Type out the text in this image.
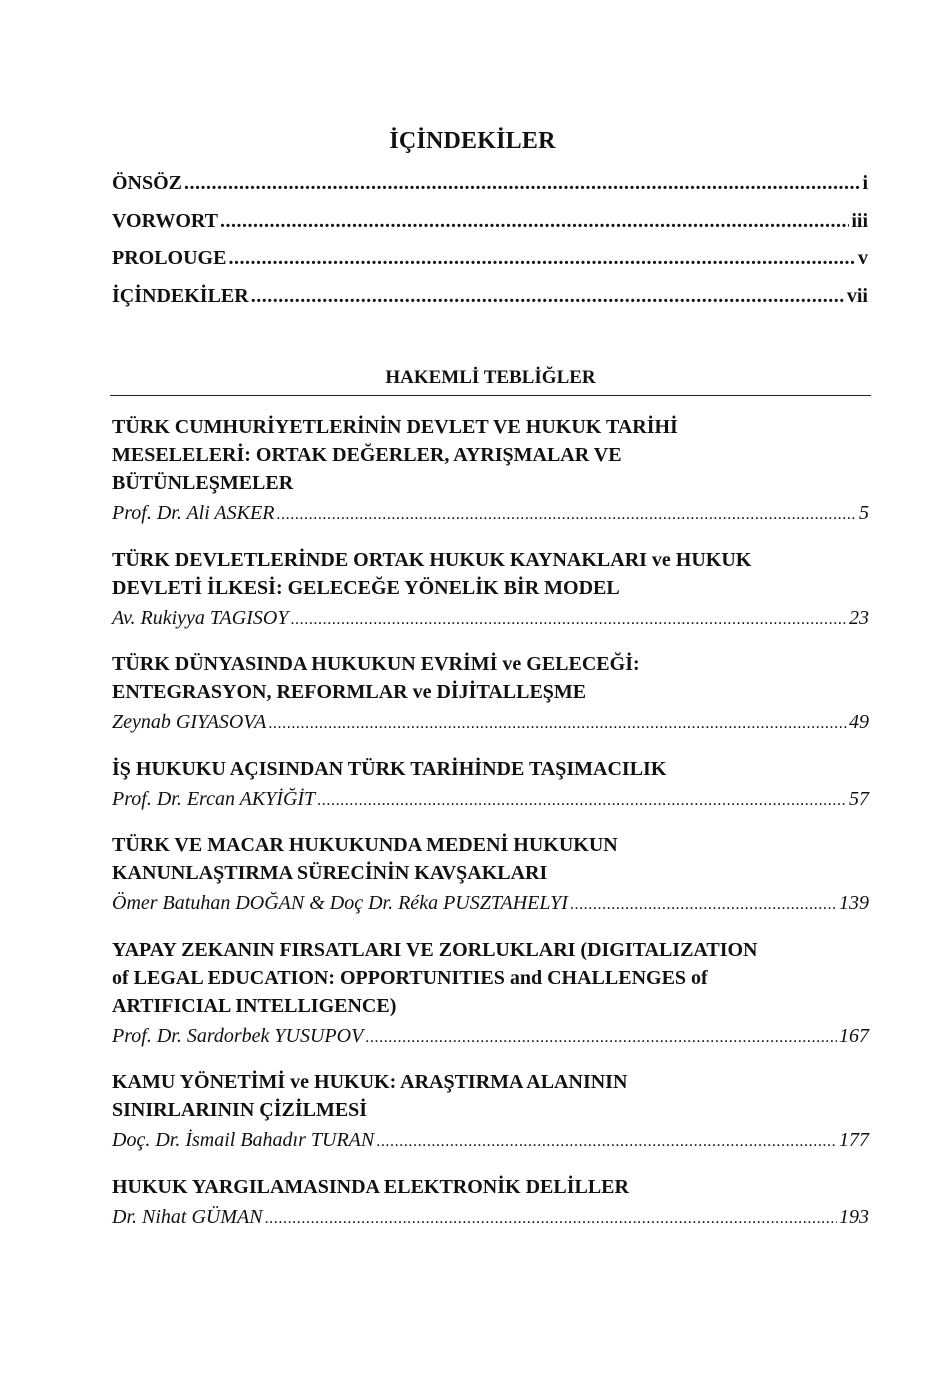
İÇİNDEKİLER
ÖNSÖZ .....	i
VORWORT .....	iii
PROLOUGE .....	v
İÇİNDEKİLER .....	vii
HAKEMLİ TEBLİĞLER
TÜRK CUMHURİYETLERİNİN DEVLET VE HUKUK TARİHİ
MESELELERİ: ORTAK DEĞERLER, AYRIŞMALAR VE
BÜTÜNLEŞMELER
Prof. Dr. Ali ASKER .....	5
TÜRK DEVLETLERİNDE ORTAK HUKUK KAYNAKLARI ve HUKUK
DEVLETİ İLKESİ: GELECEĞE YÖNELİK BİR MODEL
Av. Rukiyya TAGISOY .....	23
TÜRK DÜNYASINDA HUKUKUN EVRİMİ ve GELECEĞİ:
ENTEGRASYON, REFORMLAR ve DİJİTALLEŞME
Zeynab GIYASOVA .....	49
İŞ HUKUKU AÇISINDAN TÜRK TARİHİNDE TAŞIMACILIK
Prof. Dr. Ercan AKYİĞİT .....	57
TÜRK VE MACAR HUKUKUNDA MEDENİ HUKUKUN
KANUNLAŞTIRMA SÜRECİNİN KAVŞAKLARI
Ömer Batuhan DOĞAN & Doç Dr. Réka PUSZTAHELYI .....	139
YAPAY ZEKANIN FIRSATLARI VE ZORLUKLARI (DIGITALIZATION
of LEGAL EDUCATION: OPPORTUNITIES and CHALLENGES of
ARTIFICIAL INTELLIGENCE)
Prof. Dr. Sardorbek YUSUPOV .....	167
KAMU YÖNETİMİ ve HUKUK: ARAŞTIRMA ALANININ
SINIRLARININ ÇİZİLMESİ
Doç. Dr. İsmail Bahadır TURAN .....	177
HUKUK YARGILAMASINDA ELEKTRONİK DELİLLER
Dr. Nihat GÜMAN .....	193
